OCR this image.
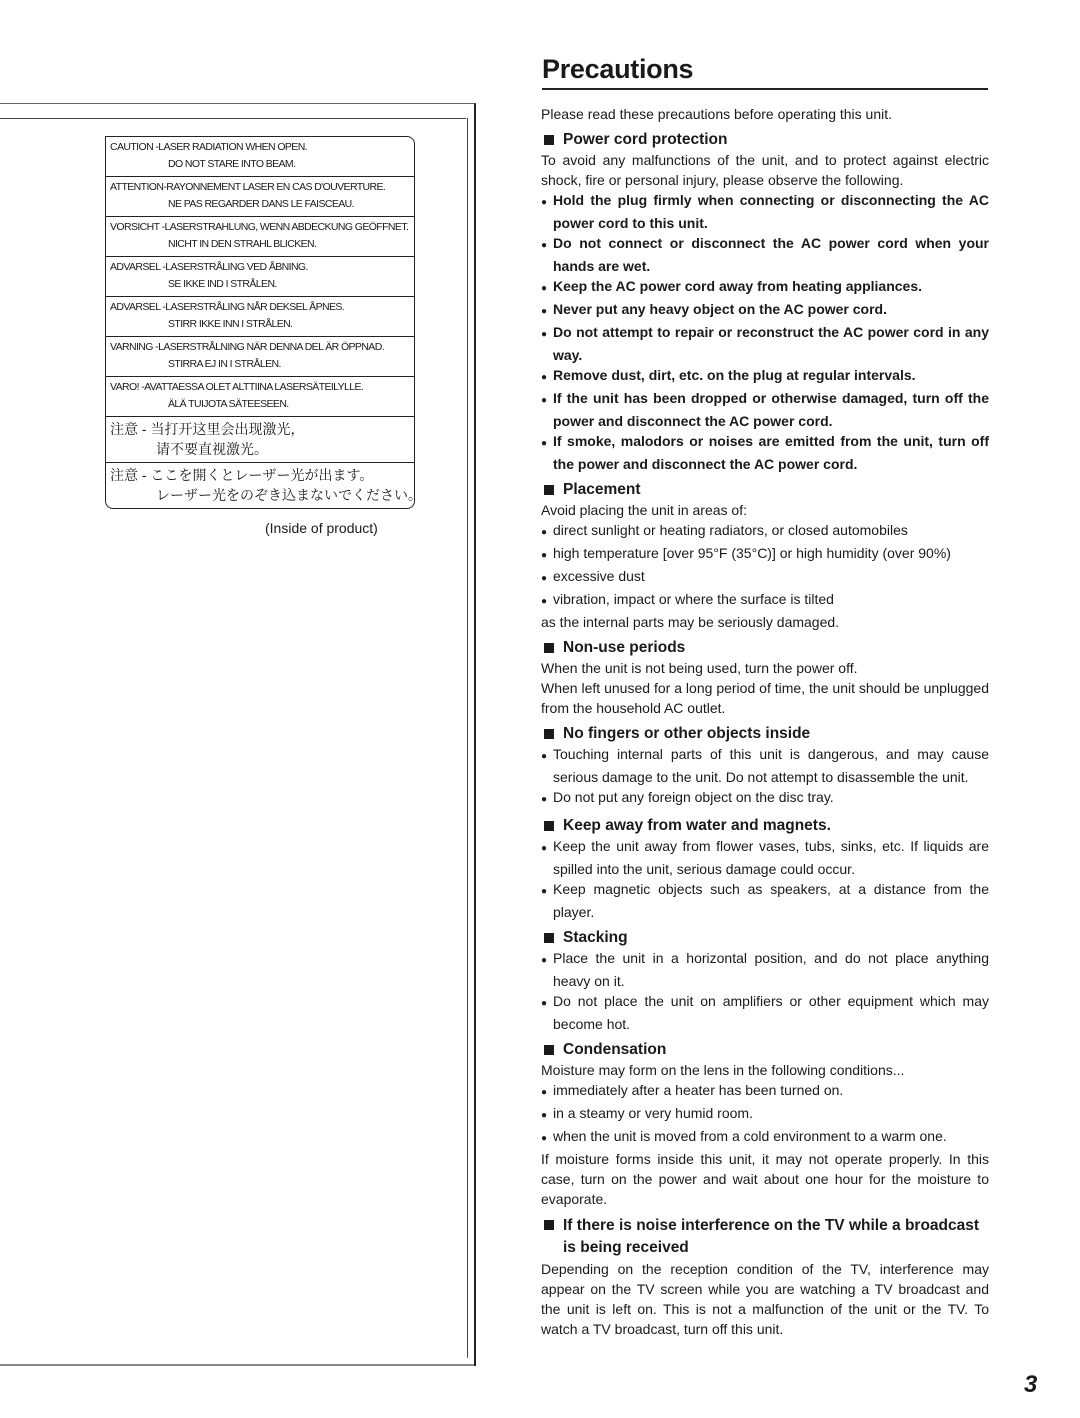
Precautions
CAUTION -LASER RADIATION WHEN OPEN.
DO NOT STARE INTO BEAM.
ATTENTION-RAYONNEMENT LASER EN CAS D'OUVERTURE.
NE PAS REGARDER DANS LE FAISCEAU.
VORSICHT -LASERSTRAHLUNG, WENN ABDECKUNG GEÖFFNET.
NICHT IN DEN STRAHL BLICKEN.
ADVARSEL -LASERSTRÅLING VED ÅBNING.
SE IKKE IND I STRÅLEN.
ADVARSEL -LASERSTRÅLING NÅR DEKSEL ÅPNES.
STIRR IKKE INN I STRÅLEN.
VARNING -LASERSTRÅLNING NÄR DENNA DEL ÄR ÖPPNAD.
STIRRA EJ IN I STRÅLEN.
VARO! -AVATTAESSA OLET ALTTIINA LASERSÄTEILYLLE.
ÄLÄ TUIJOTA SÄTEESEEN.
注意 - 当打开这里会出现激光，
请不要直视激光。
注意 - ここを開くとレーザー光が出ます。
レーザー光をのぞき込まないでください。
(Inside of product)

Please read these precautions before operating this unit.

Power cord protection

To avoid any malfunctions of the unit, and to protect against electric shock, fire or personal injury, please observe the following.

● Hold the plug firmly when connecting or disconnecting the AC power cord to this unit.

● Do not connect or disconnect the AC power cord when your hands are wet.

● Keep the AC power cord away from heating appliances.

● Never put any heavy object on the AC power cord.

● Do not attempt to repair or reconstruct the AC power cord in any way.

● Remove dust, dirt, etc. on the plug at regular intervals.

● If the unit has been dropped or otherwise damaged, turn off the power and disconnect the AC power cord.

● If smoke, malodors or noises are emitted from the unit, turn off the power and disconnect the AC power cord.

Placement

Avoid placing the unit in areas of:

● direct sunlight or heating radiators, or closed automobiles

● high temperature [over 95°F (35°C)] or high humidity (over 90%)

● excessive dust

● vibration, impact or where the surface is tilted

as the internal parts may be seriously damaged.

Non-use periods

When the unit is not being used, turn the power off.

When left unused for a long period of time, the unit should be unplugged from the household AC outlet.

No fingers or other objects inside

● Touching internal parts of this unit is dangerous, and may cause serious damage to the unit. Do not attempt to disassemble the unit.

● Do not put any foreign object on the disc tray.

Keep away from water and magnets.

● Keep the unit away from flower vases, tubs, sinks, etc. If liquids are spilled into the unit, serious damage could occur.

● Keep magnetic objects such as speakers, at a distance from the player.

Stacking

● Place the unit in a horizontal position, and do not place anything heavy on it.

● Do not place the unit on amplifiers or other equipment which may become hot.

Condensation

Moisture may form on the lens in the following conditions...

● immediately after a heater has been turned on.

● in a steamy or very humid room.

● when the unit is moved from a cold environment to a warm one.

If moisture forms inside this unit, it may not operate properly. In this case, turn on the power and wait about one hour for the moisture to evaporate.

If there is noise interference on the TV while a broadcast is being received

Depending on the reception condition of the TV, interference may appear on the TV screen while you are watching a TV broadcast and the unit is left on. This is not a malfunction of the unit or the TV. To watch a TV broadcast, turn off this unit.

3
